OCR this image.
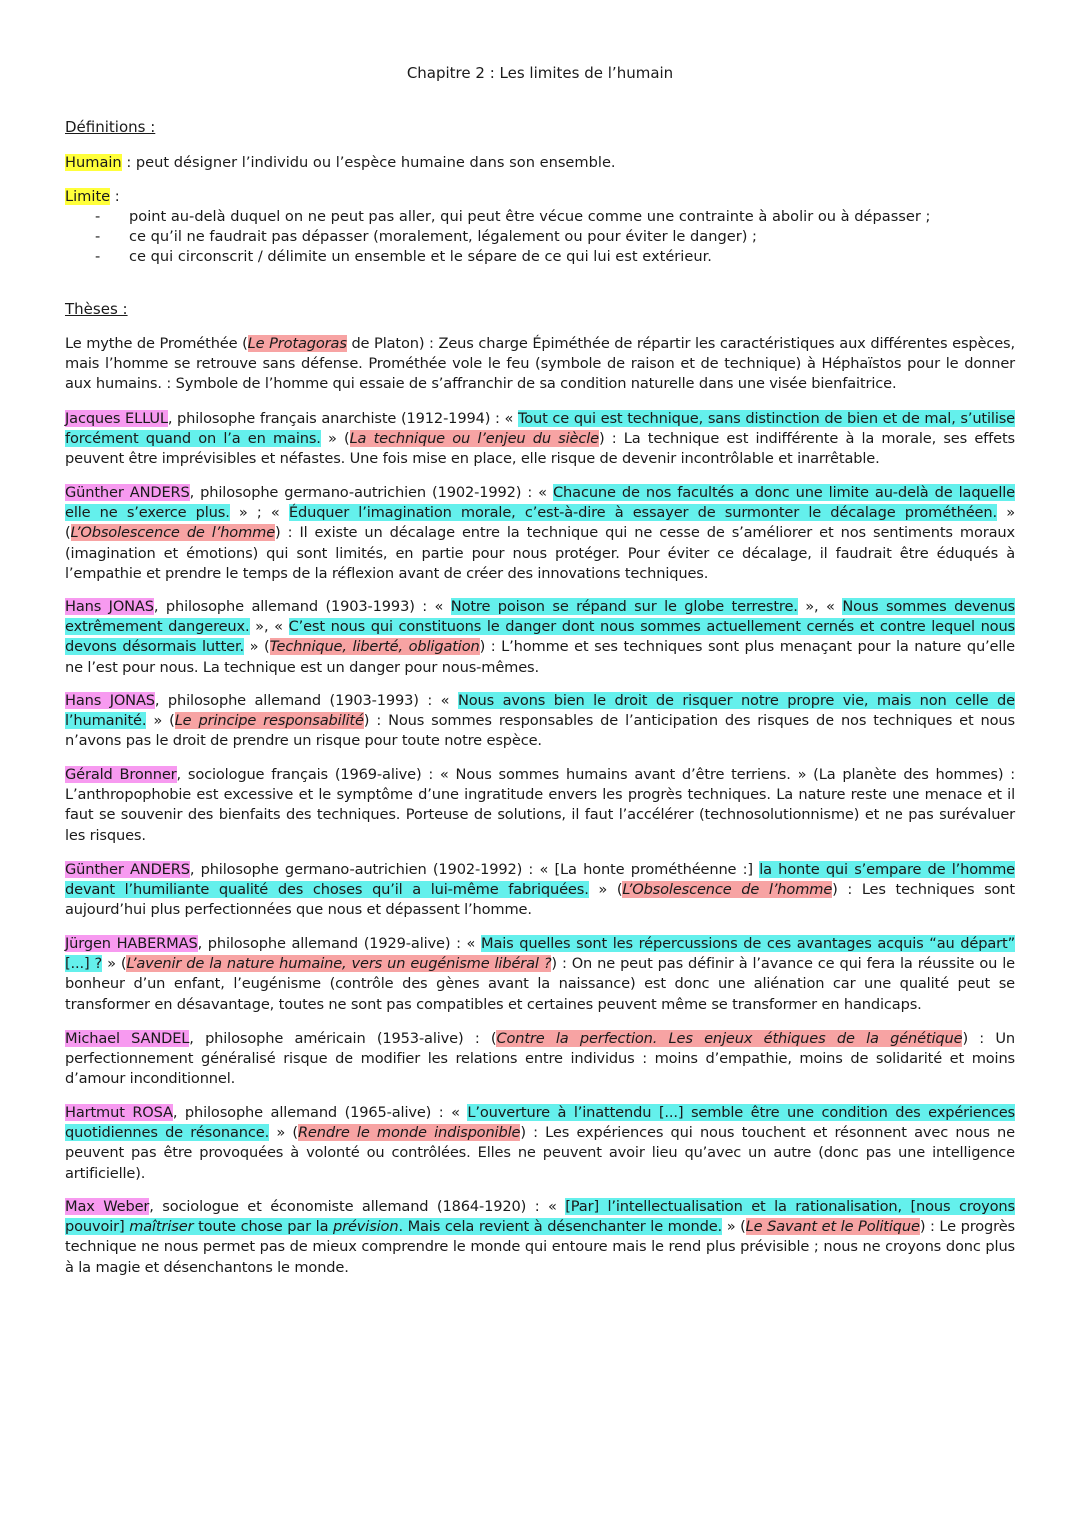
Chapitre 2 : Les limites de l’humain
Définitions :
Humain : peut désigner l’individu ou l’espèce humaine dans son ensemble.
Limite :
- point au-delà duquel on ne peut pas aller, qui peut être vécue comme une contrainte à abolir ou à dépasser ;
- ce qu’il ne faudrait pas dépasser (moralement, légalement ou pour éviter le danger) ;
- ce qui circonscrit / délimite un ensemble et le sépare de ce qui lui est extérieur.
Thèses :
Le mythe de Prométhée (Le Protagoras de Platon) : Zeus charge Épiméthée de répartir les caractéristiques aux différentes espèces, mais l’homme se retrouve sans défense. Prométhée vole le feu (symbole de raison et de technique) à Héphaïstos pour le donner aux humains. : Symbole de l’homme qui essaie de s’affranchir de sa condition naturelle dans une visée bienfaitrice.
Jacques ELLUL, philosophe français anarchiste (1912-1994) : « Tout ce qui est technique, sans distinction de bien et de mal, s’utilise forcément quand on l’a en mains. » (La technique ou l’enjeu du siècle) : La technique est indifférente à la morale, ses effets peuvent être imprévisibles et néfastes. Une fois mise en place, elle risque de devenir incontrôlable et inarrêtable.
Günther ANDERS, philosophe germano-autrichien (1902-1992) : « Chacune de nos facultés a donc une limite au-delà de laquelle elle ne s’exerce plus. » ; « Éduquer l’imagination morale, c’est-à-dire à essayer de surmonter le décalage prométhéen. » (L’Obsolescence de l’homme) : Il existe un décalage entre la technique qui ne cesse de s’améliorer et nos sentiments moraux (imagination et émotions) qui sont limités, en partie pour nous protéger. Pour éviter ce décalage, il faudrait être éduqués à l’empathie et prendre le temps de la réflexion avant de créer des innovations techniques.
Hans JONAS, philosophe allemand (1903-1993) : « Notre poison se répand sur le globe terrestre. », « Nous sommes devenus extrêmement dangereux. », « C’est nous qui constituons le danger dont nous sommes actuellement cernés et contre lequel nous devons désormais lutter. » (Technique, liberté, obligation) : L’homme et ses techniques sont plus menaçant pour la nature qu’elle ne l’est pour nous. La technique est un danger pour nous-mêmes.
Hans JONAS, philosophe allemand (1903-1993) : « Nous avons bien le droit de risquer notre propre vie, mais non celle de l’humanité. » (Le principe responsabilité) : Nous sommes responsables de l’anticipation des risques de nos techniques et nous n’avons pas le droit de prendre un risque pour toute notre espèce.
Gérald Bronner, sociologue français (1969-alive) : « Nous sommes humains avant d’être terriens. » (La planète des hommes) : L’anthropophobie est excessive et le symptôme d’une ingratitude envers les progrès techniques. La nature reste une menace et il faut se souvenir des bienfaits des techniques. Porteuse de solutions, il faut l’accélérer (technosolutionnisme) et ne pas surévaluer les risques.
Günther ANDERS, philosophe germano-autrichien (1902-1992) : « [La honte prométhéenne :] la honte qui s’empare de l’homme devant l’humiliante qualité des choses qu’il a lui-même fabriquées. » (L’Obsolescence de l’homme) : Les techniques sont aujourd’hui plus perfectionnées que nous et dépassent l’homme.
Jürgen HABERMAS, philosophe allemand (1929-alive) : « Mais quelles sont les répercussions de ces avantages acquis “au départ” [...] ? » (L’avenir de la nature humaine, vers un eugénisme libéral ?) : On ne peut pas définir à l’avance ce qui fera la réussite ou le bonheur d’un enfant, l’eugénisme (contrôle des gènes avant la naissance) est donc une aliénation car une qualité peut se transformer en désavantage, toutes ne sont pas compatibles et certaines peuvent même se transformer en handicaps.
Michael SANDEL, philosophe américain (1953-alive) : (Contre la perfection. Les enjeux éthiques de la génétique) : Un perfectionnement généralisé risque de modifier les relations entre individus : moins d’empathie, moins de solidarité et moins d’amour inconditionnel.
Hartmut ROSA, philosophe allemand (1965-alive) : « L’ouverture à l’inattendu [...] semble être une condition des expériences quotidiennes de résonance. » (Rendre le monde indisponible) : Les expériences qui nous touchent et résonnent avec nous ne peuvent pas être provoquées à volonté ou contrôlées. Elles ne peuvent avoir lieu qu’avec un autre (donc pas une intelligence artificielle).
Max Weber, sociologue et économiste allemand (1864-1920) : « [Par] l’intellectualisation et la rationalisation, [nous croyons pouvoir] maîtriser toute chose par la prévision. Mais cela revient à désenchanter le monde. » (Le Savant et le Politique) : Le progrès technique ne nous permet pas de mieux comprendre le monde qui entoure mais le rend plus prévisible ; nous ne croyons donc plus à la magie et désenchantons le monde.
